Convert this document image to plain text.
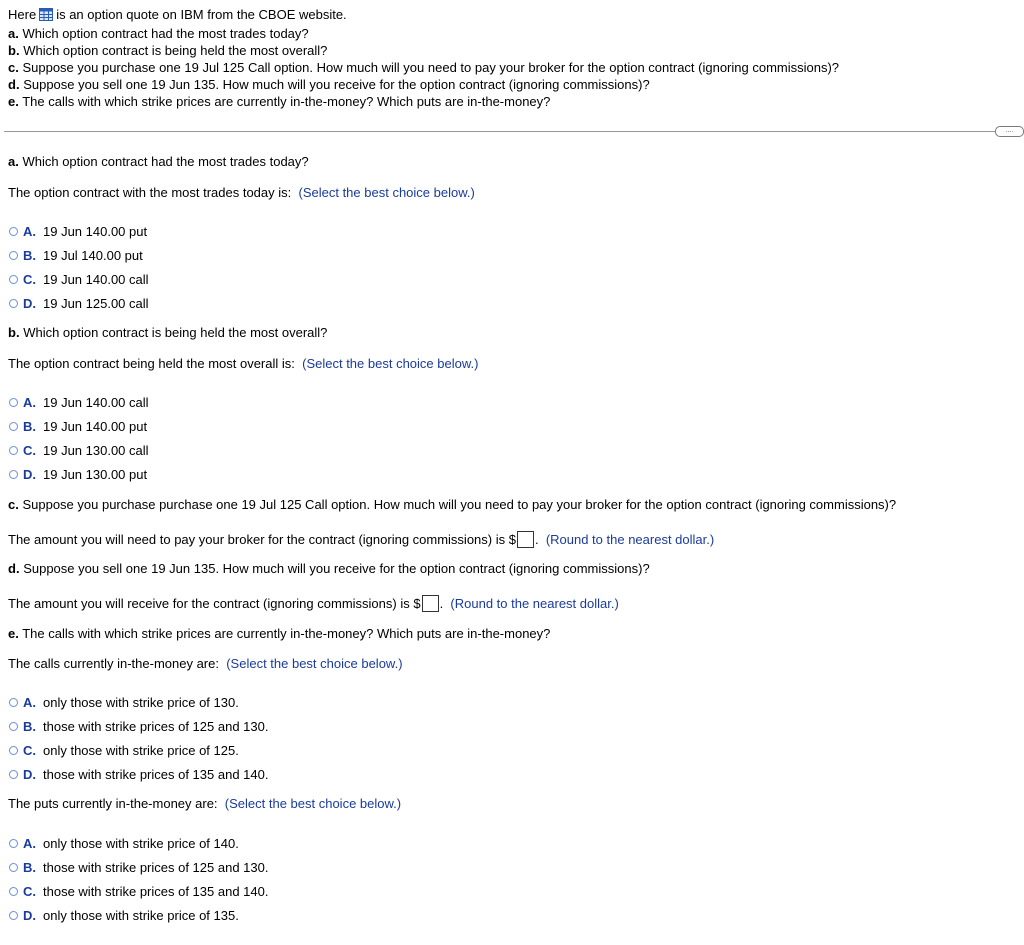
Here is an option quote on IBM from the CBOE website.
a. Which option contract had the most trades today?
b. Which option contract is being held the most overall?
c. Suppose you purchase one 19 Jul 125 Call option. How much will you need to pay your broker for the option contract (ignoring commissions)?
d. Suppose you sell one 19 Jun 135. How much will you receive for the option contract (ignoring commissions)?
e. The calls with which strike prices are currently in-the-money? Which puts are in-the-money?
....
a. Which option contract had the most trades today?
The option contract with the most trades today is: (Select the best choice below.)
A. 19 Jun 140.00 put
B. 19 Jul 140.00 put
C. 19 Jun 140.00 call
D. 19 Jun 125.00 call
b. Which option contract is being held the most overall?
The option contract being held the most overall is: (Select the best choice below.)
A. 19 Jun 140.00 call
B. 19 Jun 140.00 put
C. 19 Jun 130.00 call
D. 19 Jun 130.00 put
c. Suppose you purchase purchase one 19 Jul 125 Call option. How much will you need to pay your broker for the option contract (ignoring commissions)?
The amount you will need to pay your broker for the contract (ignoring commissions) is $ . (Round to the nearest dollar.)
d. Suppose you sell one 19 Jun 135. How much will you receive for the option contract (ignoring commissions)?
The amount you will receive for the contract (ignoring commissions) is $ . (Round to the nearest dollar.)
e. The calls with which strike prices are currently in-the-money? Which puts are in-the-money?
The calls currently in-the-money are: (Select the best choice below.)
A. only those with strike price of 130.
B. those with strike prices of 125 and 130.
C. only those with strike price of 125.
D. those with strike prices of 135 and 140.
The puts currently in-the-money are: (Select the best choice below.)
A. only those with strike price of 140.
B. those with strike prices of 125 and 130.
C. those with strike prices of 135 and 140.
D. only those with strike price of 135.
